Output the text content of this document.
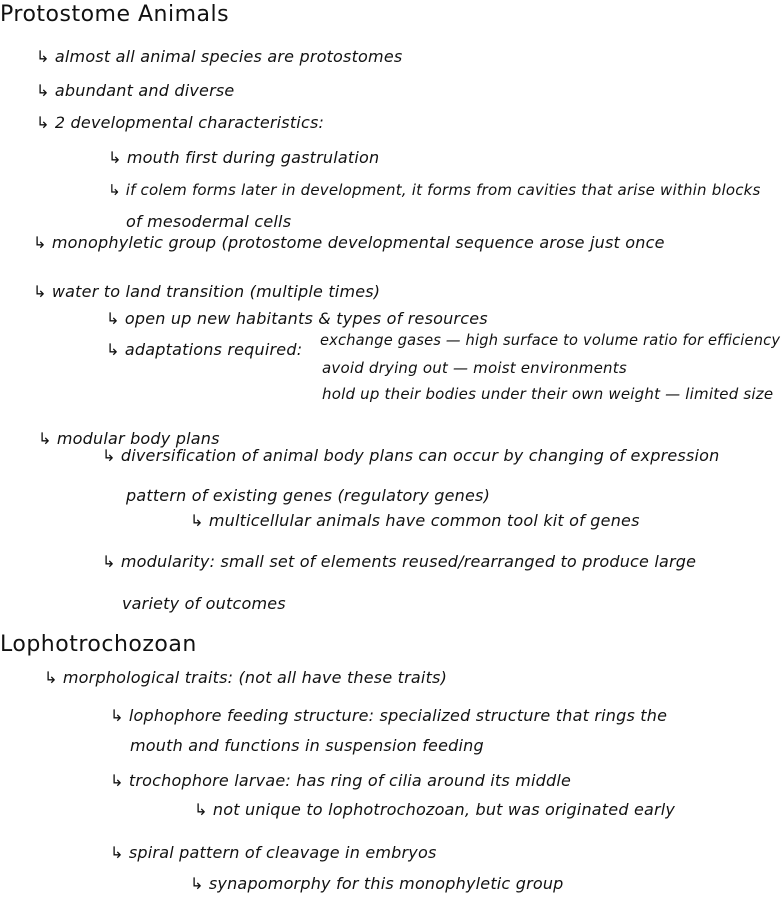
Protostome Animals
↳ almost all animal species are protostomes
↳ abundant and diverse
↳ 2 developmental characteristics:
↳ mouth first during gastrulation
↳ if colem forms later in development, it forms from cavities that arise within blocks
of mesodermal cells
↳ monophyletic group (protostome developmental sequence arose just once
↳ water to land transition (multiple times)
↳ open up new habitants & types of resources
↳ adaptations required: exchange gases — high surface to volume ratio for efficiency
avoid drying out — moist environments
hold up their bodies under their own weight — limited size
↳ modular body plans
↳ diversification of animal body plans can occur by changing of expression
pattern of existing genes (regulatory genes)
↳ multicellular animals have common tool kit of genes
↳ modularity: small set of elements reused/rearranged to produce large
variety of outcomes
Lophotrochozoan
↳ morphological traits: (not all have these traits)
↳ lophophore feeding structure: specialized structure that rings the
mouth and functions in suspension feeding
↳ trochophore larvae: has ring of cilia around its middle
↳ not unique to lophotrochozoan, but was originated early
↳ spiral pattern of cleavage in embryos
↳ synapomorphy for this monophyletic group
